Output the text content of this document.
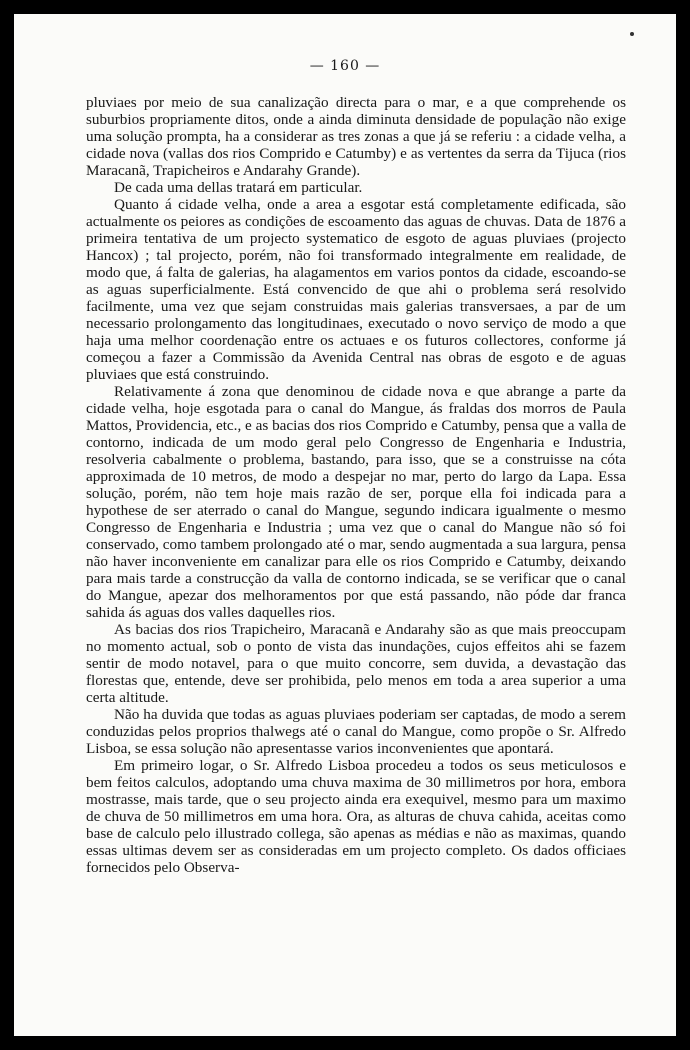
— 160 —

pluviaes por meio de sua canalização directa para o mar, e a que comprehende os suburbios propriamente ditos, onde a ainda diminuta densidade de população não exige uma solução prompta, ha a considerar as tres zonas a que já se referiu : a cidade velha, a cidade nova (vallas dos rios Comprido e Catumby) e as vertentes da serra da Tijuca (rios Maracanã, Trapicheiros e Andarahy Grande).

De cada uma dellas tratará em particular.

Quanto á cidade velha, onde a area a esgotar está completamente edificada, são actualmente os peiores as condições de escoamento das aguas de chuvas. Data de 1876 a primeira tentativa de um projecto systematico de esgoto de aguas pluviaes (projecto Hancox) ; tal projecto, porém, não foi transformado integralmente em realidade, de modo que, á falta de galerias, ha alagamentos em varios pontos da cidade, escoando-se as aguas superficialmente. Está convencido de que ahi o problema será resolvido facilmente, uma vez que sejam construidas mais galerias transversaes, a par de um necessario prolongamento das longitudinaes, executado o novo serviço de modo a que haja uma melhor coordenação entre os actuaes e os futuros collectores, conforme já começou a fazer a Commissão da Avenida Central nas obras de esgoto e de aguas pluviaes que está construindo.

Relativamente á zona que denominou de cidade nova e que abrange a parte da cidade velha, hoje esgotada para o canal do Mangue, ás fraldas dos morros de Paula Mattos, Providencia, etc., e as bacias dos rios Comprido e Catumby, pensa que a valla de contorno, indicada de um modo geral pelo Congresso de Engenharia e Industria, resolveria cabalmente o problema, bastando, para isso, que se a construisse na cóta approximada de 10 metros, de modo a despejar no mar, perto do largo da Lapa. Essa solução, porém, não tem hoje mais razão de ser, porque ella foi indicada para a hypothese de ser aterrado o canal do Mangue, segundo indicara igualmente o mesmo Congresso de Engenharia e Industria ; uma vez que o canal do Mangue não só foi conservado, como tambem prolongado até o mar, sendo augmentada a sua largura, pensa não haver inconveniente em canalizar para elle os rios Comprido e Catumby, deixando para mais tarde a construcção da valla de contorno indicada, se se verificar que o canal do Mangue, apezar dos melhoramentos por que está passando, não póde dar franca sahida ás aguas dos valles daquelles rios.

As bacias dos rios Trapicheiro, Maracanã e Andarahy são as que mais preoccupam no momento actual, sob o ponto de vista das inundações, cujos effeitos ahi se fazem sentir de modo notavel, para o que muito concorre, sem duvida, a devastação das florestas que, entende, deve ser prohibida, pelo menos em toda a area superior a uma certa altitude.

Não ha duvida que todas as aguas pluviaes poderiam ser captadas, de modo a serem conduzidas pelos proprios thalwegs até o canal do Mangue, como propõe o Sr. Alfredo Lisboa, se essa solução não apresentasse varios inconvenientes que apontará.

Em primeiro logar, o Sr. Alfredo Lisboa procedeu a todos os seus meticulosos e bem feitos calculos, adoptando uma chuva maxima de 30 millimetros por hora, embora mostrasse, mais tarde, que o seu projecto ainda era exequivel, mesmo para um maximo de chuva de 50 millimetros em uma hora. Ora, as alturas de chuva cahida, aceitas como base de calculo pelo illustrado collega, são apenas as médias e não as maximas, quando essas ultimas devem ser as consideradas em um projecto completo. Os dados officiaes fornecidos pelo Observa-
